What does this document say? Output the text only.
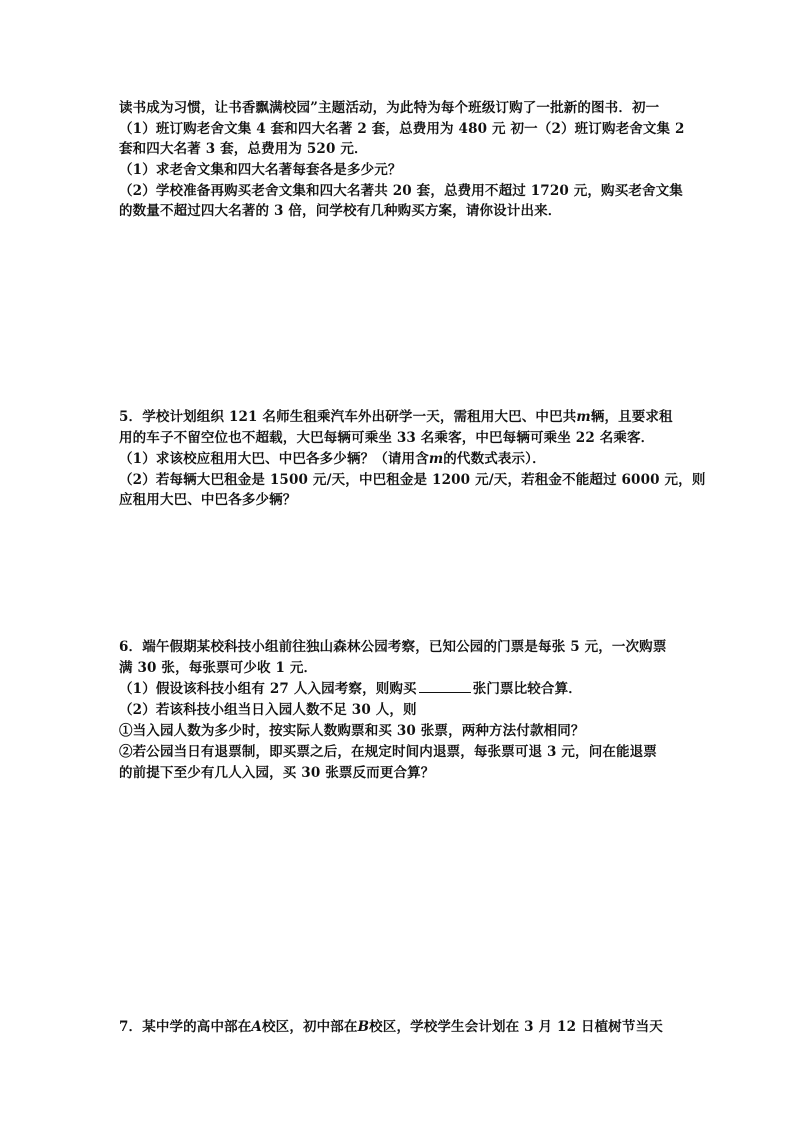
读书成为习惯，让书香飘满校园”主题活动，为此特为每个班级订购了一批新的图书．初一
（1）班订购老舍文集 4 套和四大名著 2 套，总费用为 480 元 初一（2）班订购老舍文集 2
套和四大名著 3 套，总费用为 520 元．
（1）求老舍文集和四大名著每套各是多少元？
（2）学校准备再购买老舍文集和四大名著共 20 套，总费用不超过 1720 元，购买老舍文集
的数量不超过四大名著的 3 倍，问学校有几种购买方案，请你设计出来．
5．学校计划组织 121 名师生租乘汽车外出研学一天，需租用大巴、中巴共m辆，且要求租
用的车子不留空位也不超载，大巴每辆可乘坐 33 名乘客，中巴每辆可乘坐 22 名乘客．
（1）求该校应租用大巴、中巴各多少辆？（请用含m的代数式表示）．
（2）若每辆大巴租金是 1500 元/天，中巴租金是 1200 元/天，若租金不能超过 6000 元，则
应租用大巴、中巴各多少辆？
6．端午假期某校科技小组前往独山森林公园考察，已知公园的门票是每张 5 元，一次购票
满 30 张，每张票可少收 1 元．
（1）假设该科技小组有 27 人入园考察，则购买	张门票比较合算．
（2）若该科技小组当日入园人数不足 30 人，则
①当入园人数为多少时，按实际人数购票和买 30 张票，两种方法付款相同？
②若公园当日有退票制，即买票之后，在规定时间内退票，每张票可退 3 元，问在能退票
的前提下至少有几人入园，买 30 张票反而更合算？
7．某中学的高中部在A校区，初中部在B校区，学校学生会计划在 3 月 12 日植树节当天
